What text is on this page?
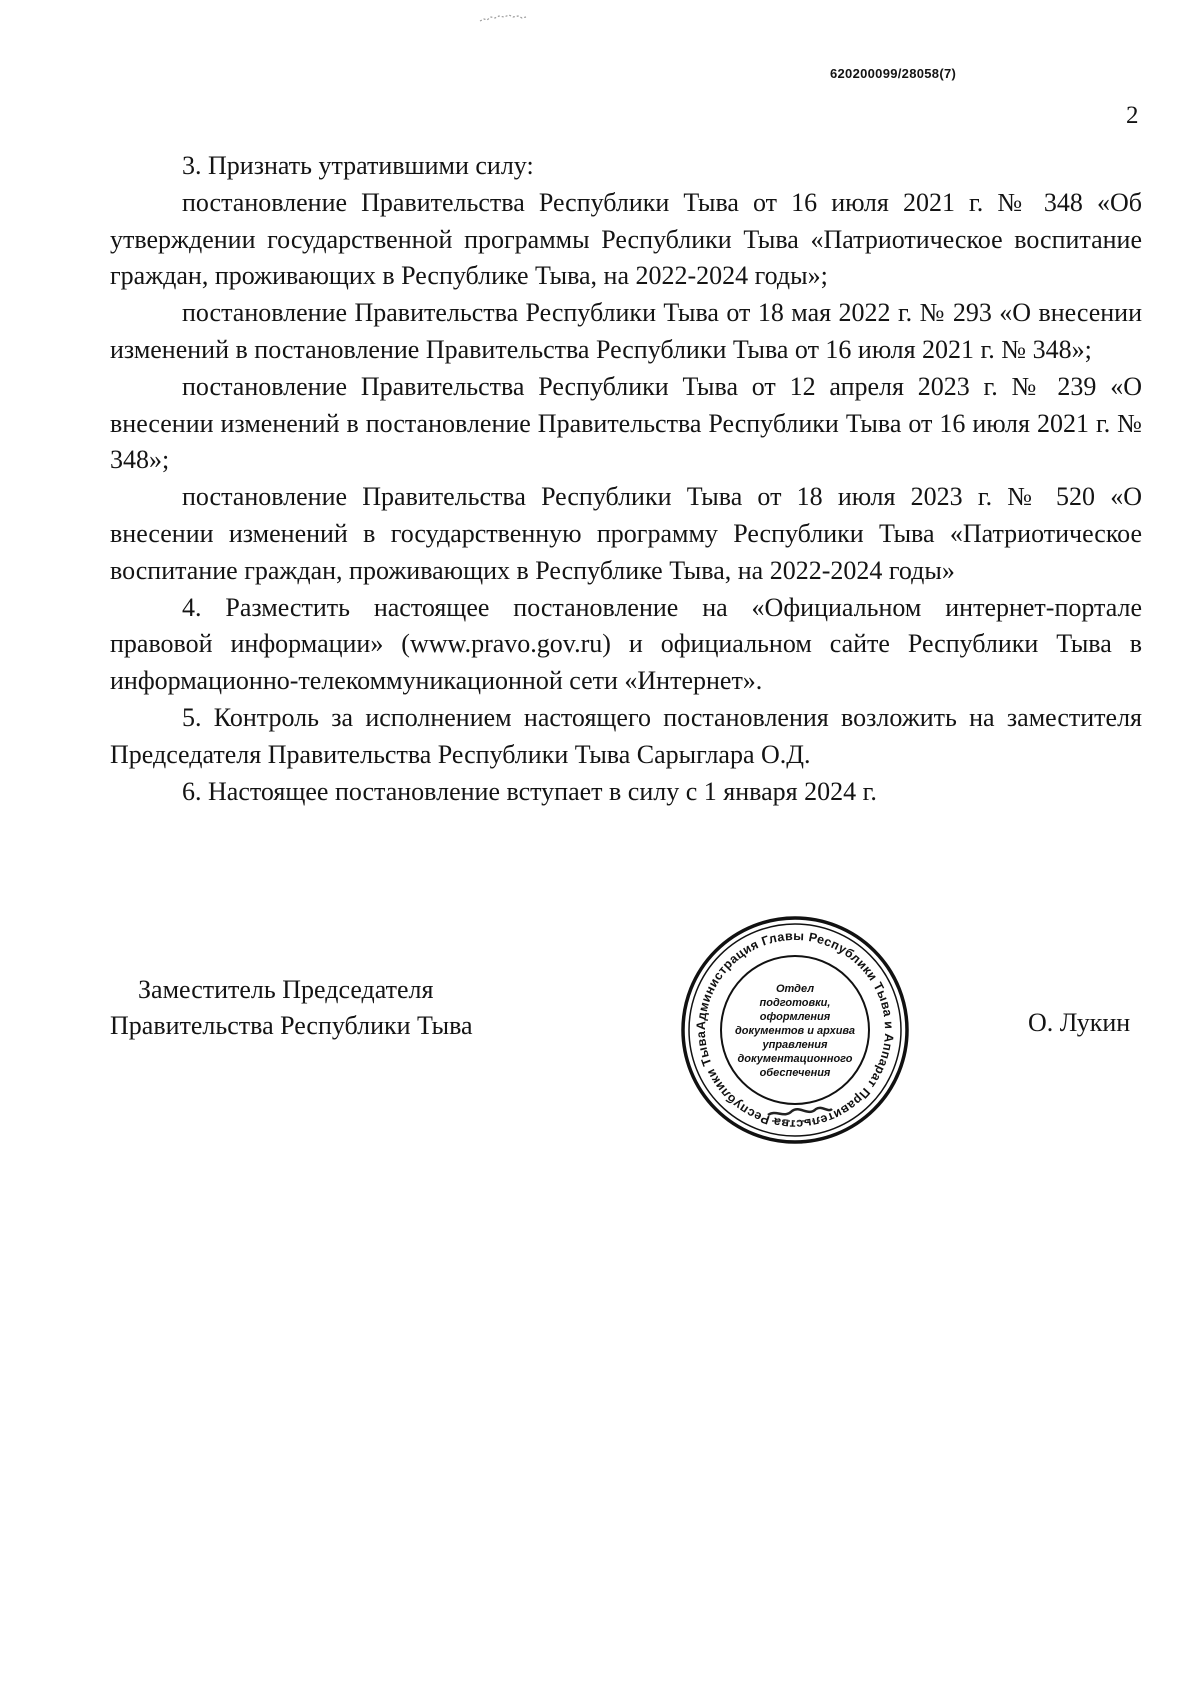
620200099/28058(7)
2

3. Признать утратившими силу:

постановление Правительства Республики Тыва от 16 июля 2021 г. № 348 «Об утверждении государственной программы Республики Тыва «Патриотическое воспитание граждан, проживающих в Республике Тыва, на 2022-2024 годы»;

постановление Правительства Республики Тыва от 18 мая 2022 г. № 293 «О внесении изменений в постановление Правительства Республики Тыва от 16 июля 2021 г. № 348»;

постановление Правительства Республики Тыва от 12 апреля 2023 г. № 239 «О внесении изменений в постановление Правительства Республики Тыва от 16 июля 2021 г. № 348»;

постановление Правительства Республики Тыва от 18 июля 2023 г. № 520 «О внесении изменений в государственную программу Республики Тыва «Патриотическое воспитание граждан, проживающих в Республике Тыва, на 2022-2024 годы»

4. Разместить настоящее постановление на «Официальном интернет-портале правовой информации» (www.pravo.gov.ru) и официальном сайте Республики Тыва в информационно-телекоммуникационной сети «Интернет».

5. Контроль за исполнением настоящего постановления возложить на заместителя Председателя Правительства Республики Тыва Сарыглара О.Д.

6. Настоящее постановление вступает в силу с 1 января 2024 г.

Заместитель Председателя
Правительства Республики Тыва	Администрация Главы Республики Тыва и Аппарат Правительства Республики Тыва
Отдел
подготовки,
оформления
документов и архива
управления
документационного
обеспечения
О. Лукин
